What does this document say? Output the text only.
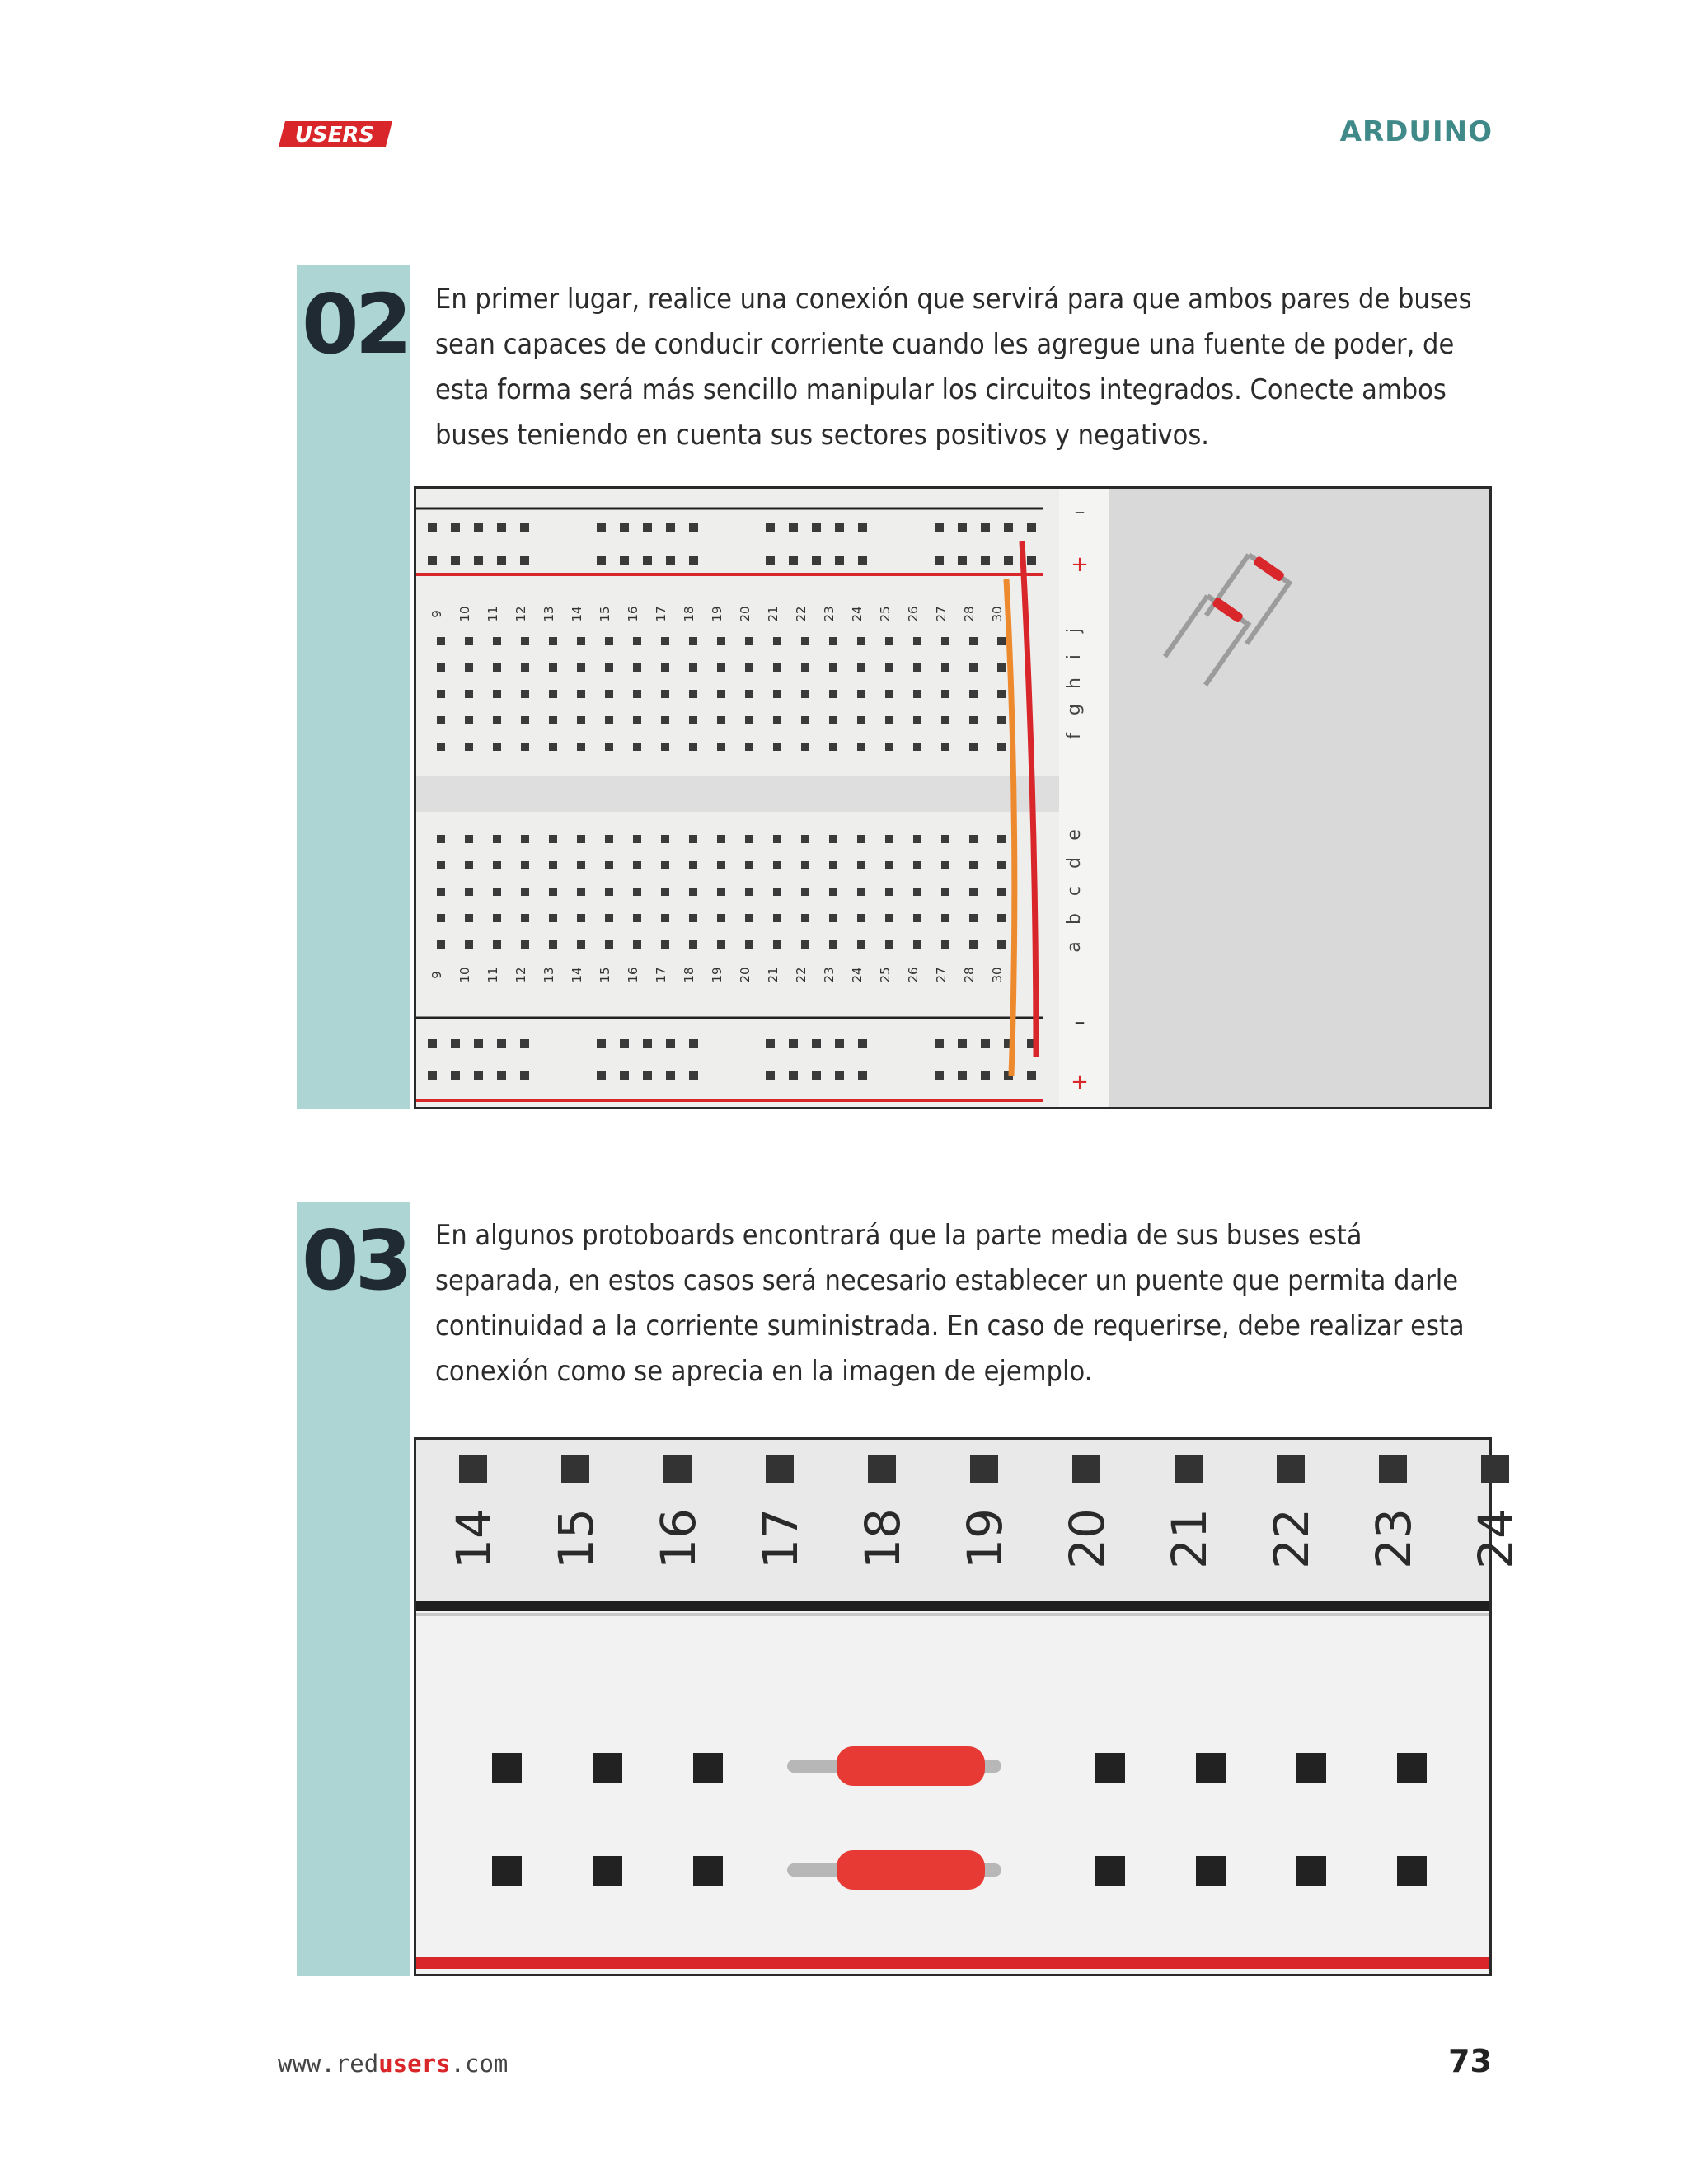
USERS	ARDUINO
02 En primer lugar, realice una conexión que servirá para que ambos pares de buses sean capaces de conducir corriente cuando les agregue una fuente de poder, de esta forma será más sencillo manipular los circuitos integrados. Conecte ambos buses teniendo en cuenta sus sectores positivos y negativos.

9
9
10
10
11
11
12
12
13
13
14
14
15
15
16
16
17
17
18
18
19
19
20
20
21
21
22
22
23
23
24
24
25
25
26
26
27
27
28
28
30
30
j
i
h
g
f
e
d
c
b
a
–
+
–
+
03 En algunos protoboards encontrará que la parte media de sus buses está separada, en estos casos será necesario establecer un puente que permita darle continuidad a la corriente suministrada. En caso de requerirse, debe realizar esta conexión como se aprecia en la imagen de ejemplo.

14 15 16 17 18 19 20 21 22 23 24
www.redusers.com	73
